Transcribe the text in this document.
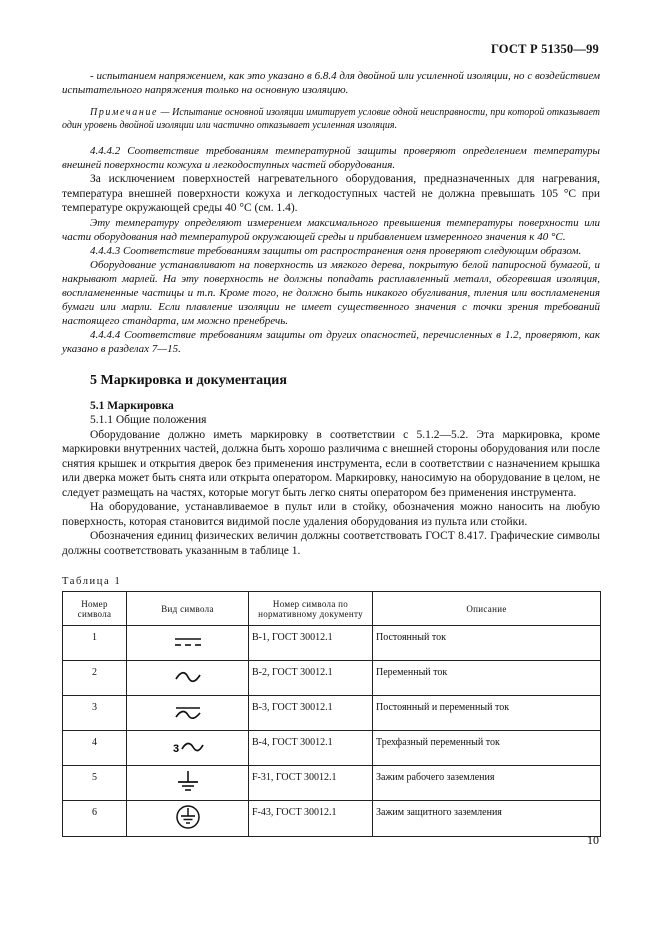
ГОСТ Р 51350—99

- испытанием напряжением, как это указано в 6.8.4 для двойной или усиленной изоляции, но с воздействием испытательного напряжения только на основную изоляцию.

Примечание — Испытание основной изоляции имитирует условие одной неисправности, при которой отказывает один уровень двойной изоляции или частично отказывает усиленная изоляция.

4.4.4.2 Соответствие требованиям температурной защиты проверяют определением температуры внешней поверхности кожуха и легкодоступных частей оборудования.

За исключением поверхностей нагревательного оборудования, предназначенных для нагревания, температура внешней поверхности кожуха и легкодоступных частей не должна превышать 105 °С при температуре окружающей среды 40 °С (см. 1.4).

Эту температуру определяют измерением максимального превышения температуры поверхности или части оборудования над температурой окружающей среды и прибавлением измеренного значения к 40 °С.

4.4.4.3 Соответствие требованиям защиты от распространения огня проверяют следующим образом.

Оборудование устанавливают на поверхность из мягкого дерева, покрытую белой папиросной бумагой, и накрывают марлей. На эту поверхность не должны попадать расплавленный металл, обгоревшая изоляция, воспламененные частицы и т.п. Кроме того, не должно быть никакого обугливания, тления или воспламенения бумаги или марли. Если плавление изоляции не имеет существенного значения с точки зрения требований настоящего стандарта, им можно пренебречь.

4.4.4.4 Соответствие требованиям защиты от других опасностей, перечисленных в 1.2, проверяют, как указано в разделах 7—15.

5 Маркировка и документация

5.1 Маркировка

5.1.1 Общие положения

Оборудование должно иметь маркировку в соответствии с 5.1.2—5.2. Эта маркировка, кроме маркировки внутренних частей, должна быть хорошо различима с внешней стороны оборудования или после снятия крышек и открытия дверок без применения инструмента, если в соответствии с назначением крышка или дверка может быть снята или открыта оператором. Маркировку, наносимую на оборудование в целом, не следует размещать на частях, которые могут быть легко сняты оператором без применения инструмента.

На оборудование, устанавливаемое в пульт или в стойку, обозначения можно наносить на любую поверхность, которая становится видимой после удаления оборудования из пульта или стойки.

Обозначения единиц физических величин должны соответствовать ГОСТ 8.417. Графические символы должны соответствовать указанным в таблице 1.

Таблица 1
Номер символа	Вид символа	Номер символа по нормативному документу	Описание
1		В-1, ГОСТ 30012.1	Постоянный ток
2		В-2, ГОСТ 30012.1	Переменный ток
3		В-3, ГОСТ 30012.1	Постоянный и переменный ток
4	3	В-4, ГОСТ 30012.1	Трехфазный переменный ток
5		F-31, ГОСТ 30012.1	Зажим рабочего заземления
6		F-43, ГОСТ 30012.1	Зажим защитного заземления
10
